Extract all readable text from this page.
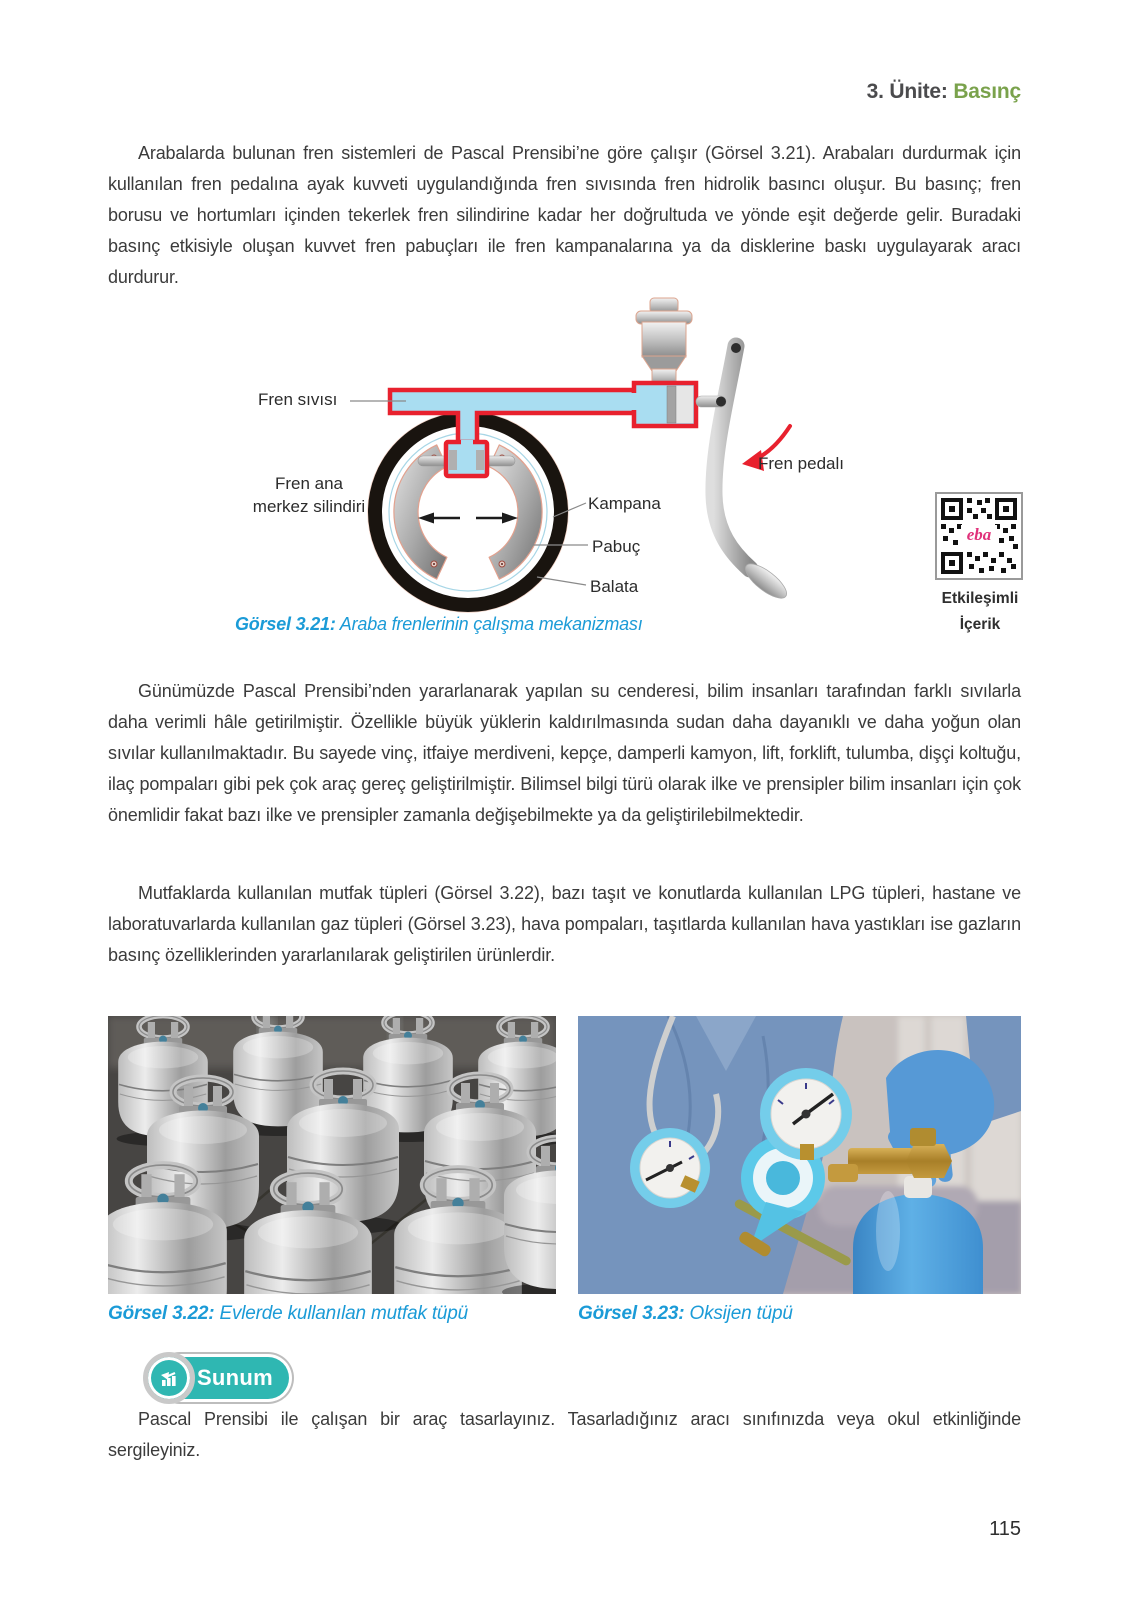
3. Ünite: Basınç

Arabalarda bulunan fren sistemleri de Pascal Prensibi’ne göre çalışır (Görsel 3.21). Arabaları durdurmak için kullanılan fren pedalına ayak kuvveti uygulandığında fren sıvısında fren hidrolik basıncı oluşur. Bu basınç; fren borusu ve hortumları içinden tekerlek fren silindirine kadar her doğrultuda ve yönde eşit değerde gelir. Buradaki basınç etkisiyle oluşan kuvvet fren pabuçları ile fren kampanalarına ya da disklerine baskı uygulayarak aracı durdurur.

Fren sıvısı
Fren ana merkez silindiri	Kampana
Pabuç
Balata
Fren pedalı
Görsel 3.21: Araba frenlerinin çalışma mekanizması
eba
Etkileşimli
İçerik

Günümüzde Pascal Prensibi’nden yararlanarak yapılan su cenderesi, bilim insanları tarafından farklı sıvılarla daha verimli hâle getirilmiştir. Özellikle büyük yüklerin kaldırılmasında sudan daha dayanıklı ve daha yoğun olan sıvılar kullanılmaktadır. Bu sayede vinç, itfaiye merdiveni, kepçe, damperli kamyon, lift, forklift, tulumba, dişçi koltuğu, ilaç pompaları gibi pek çok araç gereç geliştirilmiştir. Bilimsel bilgi türü olarak ilke ve prensipler bilim insanları için çok önemlidir fakat bazı ilke ve prensipler zamanla değişebilmekte ya da geliştirilebilmektedir.

Mutfaklarda kullanılan mutfak tüpleri (Görsel 3.22), bazı taşıt ve konutlarda kullanılan LPG tüpleri, hastane ve laboratuvarlarda kullanılan gaz tüpleri (Görsel 3.23), hava pompaları, taşıtlarda kullanılan hava yastıkları ise gazların basınç özelliklerinden yararlanılarak geliştirilen ürünlerdir.

Görsel 3.22: Evlerde kullanılan mutfak tüpü	Görsel 3.23: Oksijen tüpü
Sunum

Pascal Prensibi ile çalışan bir araç tasarlayınız. Tasarladığınız aracı sınıfınızda veya okul etkinliğinde sergileyiniz.

115
